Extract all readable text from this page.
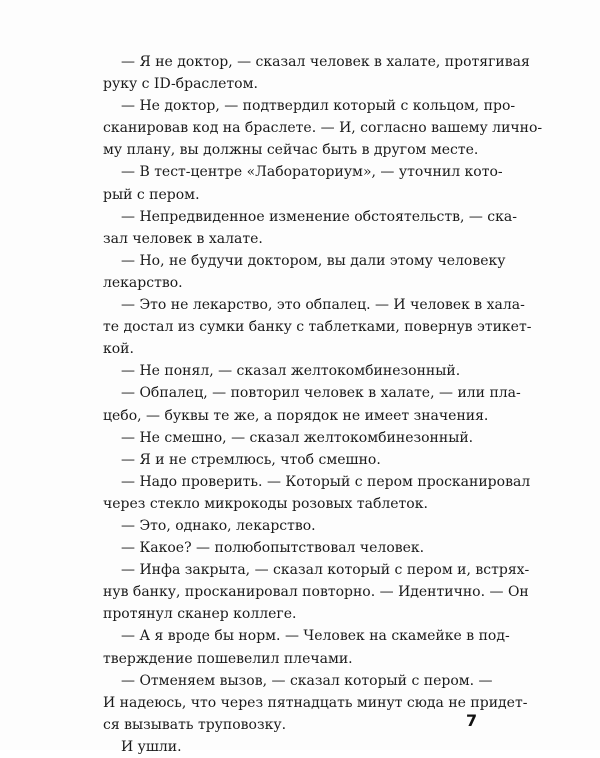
— Я не доктор, — сказал человек в халате, протягивая
руку с ID-браслетом.
— Не доктор, — подтвердил который с кольцом, про-
сканировав код на браслете. — И, согласно вашему лично-
му плану, вы должны сейчас быть в другом месте.
— В тест-центре «Лабораториум», — уточнил кото-
рый с пером.
— Непредвиденное изменение обстоятельств, — ска-
зал человек в халате.
— Но, не будучи доктором, вы дали этому человеку
лекарство.
— Это не лекарство, это обпалец. — И человек в хала-
те достал из сумки банку с таблетками, повернув этикет-
кой.
— Не понял, — сказал желтокомбинезонный.
— Обпалец, — повторил человек в халате, — или пла-
цебо, — буквы те же, а порядок не имеет значения.
— Не смешно, — сказал желтокомбинезонный.
— Я и не стремлюсь, чтоб смешно.
— Надо проверить. — Который с пером просканировал
через стекло микрокоды розовых таблеток.
— Это, однако, лекарство.
— Какое? — полюбопытствовал человек.
— Инфа закрыта, — сказал который с пером и, встрях-
нув банку, просканировал повторно. — Идентично. — Он
протянул сканер коллеге.
— А я вроде бы норм. — Человек на скамейке в под-
тверждение пошевелил плечами.
— Отменяем вызов, — сказал который с пером. —
И надеюсь, что через пятнадцать минут сюда не придет-
ся вызывать труповозку.
И ушли.
7
